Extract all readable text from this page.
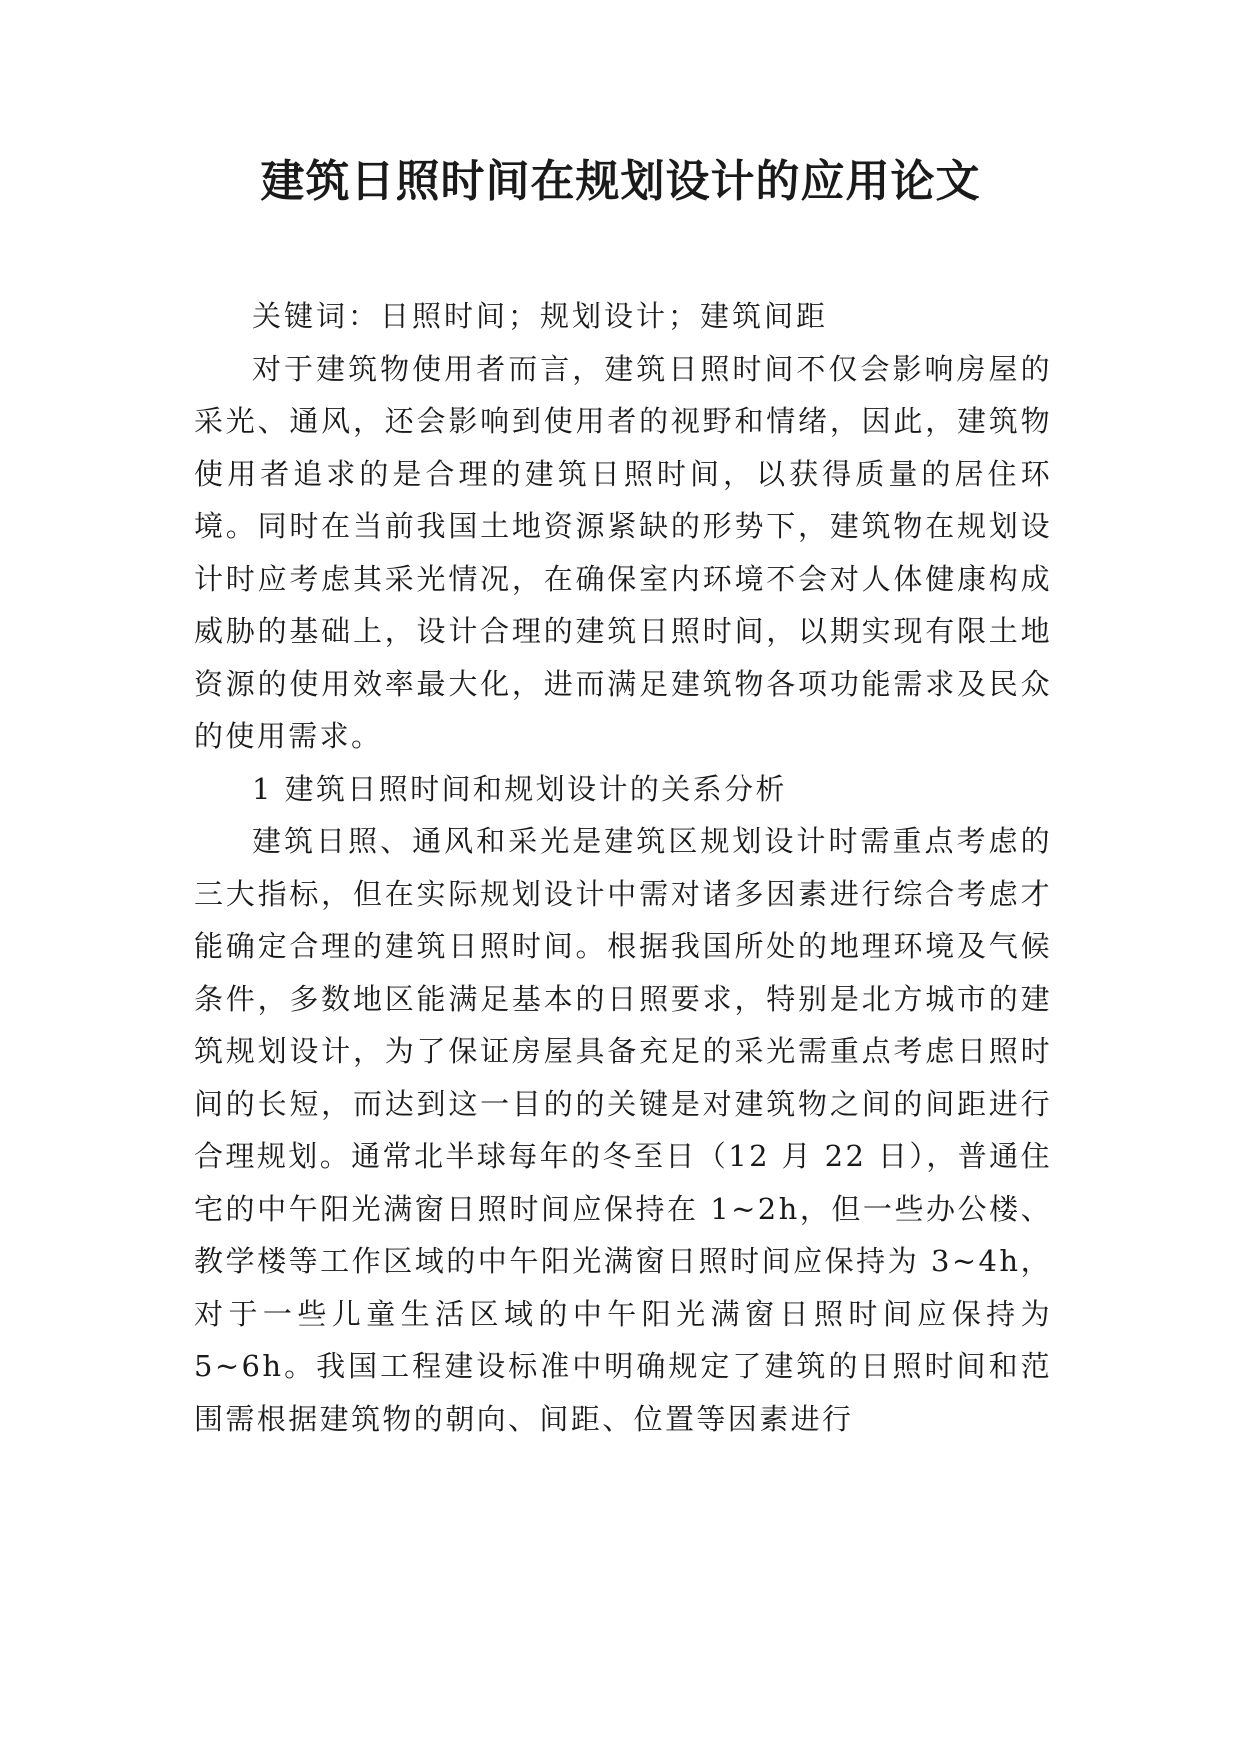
建筑日照时间在规划设计的应用论文

关键词：日照时间；规划设计；建筑间距

对于建筑物使用者而言，建筑日照时间不仅会影响房屋的采光、通风，还会影响到使用者的视野和情绪，因此，建筑物使用者追求的是合理的建筑日照时间，以获得质量的居住环境。同时在当前我国土地资源紧缺的形势下，建筑物在规划设计时应考虑其采光情况，在确保室内环境不会对人体健康构成威胁的基础上，设计合理的建筑日照时间，以期实现有限土地资源的使用效率最大化，进而满足建筑物各项功能需求及民众的使用需求。

1 建筑日照时间和规划设计的关系分析

建筑日照、通风和采光是建筑区规划设计时需重点考虑的三大指标，但在实际规划设计中需对诸多因素进行综合考虑才能确定合理的建筑日照时间。根据我国所处的地理环境及气候条件，多数地区能满足基本的日照要求，特别是北方城市的建筑规划设计，为了保证房屋具备充足的采光需重点考虑日照时间的长短，而达到这一目的的关键是对建筑物之间的间距进行合理规划。通常北半球每年的冬至日（12 月 22 日），普通住宅的中午阳光满窗日照时间应保持在 1~2h，但一些办公楼、教学楼等工作区域的中午阳光满窗日照时间应保持为 3~4h，对于一些儿童生活区域的中午阳光满窗日照时间应保持为 5~6h。我国工程建设标准中明确规定了建筑的日照时间和范围需根据建筑物的朝向、间距、位置等因素进行
